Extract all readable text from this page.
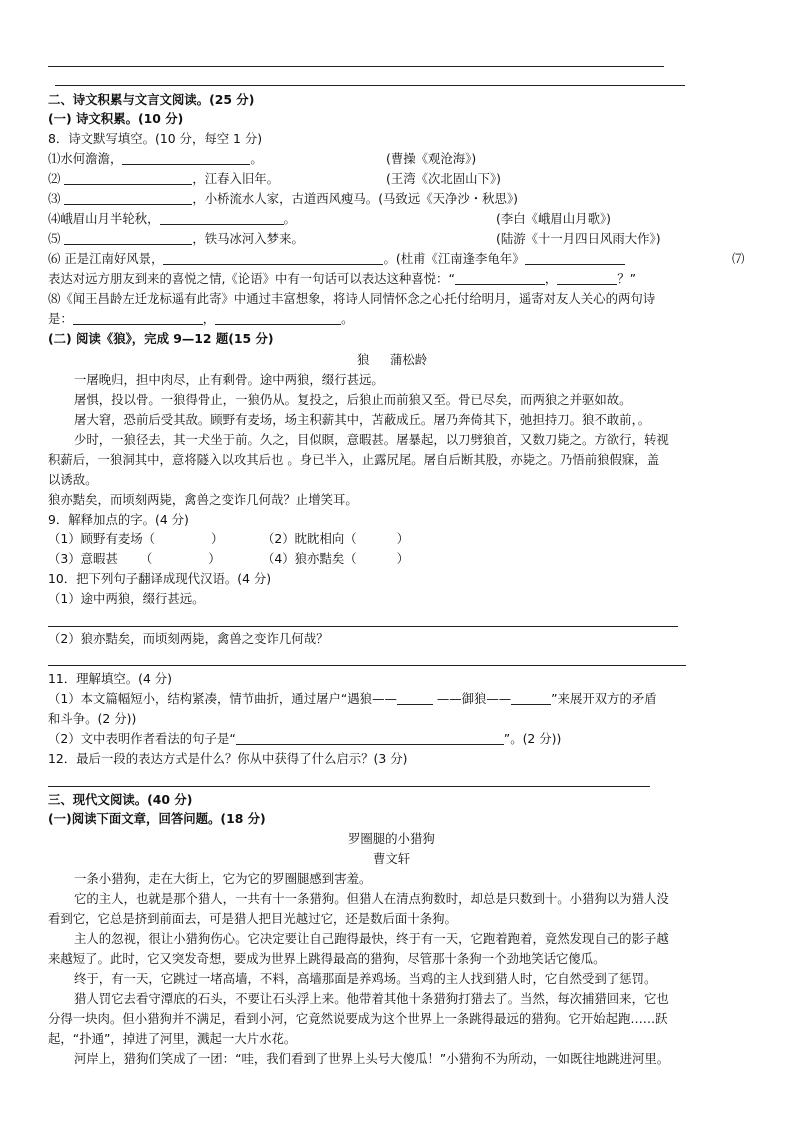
二、诗文积累与文言文阅读。(25 分)
(一) 诗文积累。(10 分)
8．诗文默写填空。(10 分，每空 1 分)
⑴水何澹澹，	。	(曹操《观沧海》)
⑵	，江春入旧年。	(王湾《次北固山下》)
⑶	，小桥流水人家，古道西风瘦马。(马致远《天净沙・秋思》)
⑷峨眉山月半轮秋，	。	(李白《峨眉山月歌》)
⑸	，铁马冰河入梦来。	(陆游《十一月四日风雨大作》)
⑹ 正是江南好风景，	。(杜甫《江南逢李龟年》	⑺
表达对远方朋友到来的喜悦之情,《论语》中有一句话可以表达这种喜悦：“	，	？”
⑻《闻王昌龄左迁龙标遥有此寄》中通过丰富想象，将诗人同情怀念之心托付给明月，遥寄对友人关心的两句诗
是：	，	。
(二) 阅读《狼》，完成 9—12 题(15 分)
狼 蒲松龄
一屠晚归，担中肉尽，止有剩骨。途中两狼，缀行甚远。
屠惧，投以骨。一狼得骨止，一狼仍从。复投之，后狼止而前狼又至。骨已尽矣，而两狼之并驱如故。
屠大窘，恐前后受其敌。顾野有麦场，场主积薪其中，苫蔽成丘。屠乃奔倚其下，弛担持刀。狼不敢前，。
少时，一狼径去，其一犬坐于前。久之，目似瞑，意暇甚。屠暴起，以刀劈狼首，又数刀毙之。方欲行，转视
积薪后，一狼洞其中，意将隧入以攻其后也 。身已半入，止露尻尾。屠自后断其股，亦毙之。乃悟前狼假寐，盖
以诱敌。
狼亦黠矣，而顷刻两毙，禽兽之变诈几何哉？止增笑耳。
9．解释加点的字。(4 分)
（1）顾野有麦场（	）	（2）眈眈相向（	）
（3）意暇甚 （	）	（4）狼亦黠矣（	）
10．把下列句子翻译成现代汉语。(4 分)
（1）途中两狼，缀行甚远。
（2）狼亦黠矣，而顷刻两毙，禽兽之变诈几何哉？
11．理解填空。(4 分)
（1）本文篇幅短小，结构紧凑，情节曲折，通过屠户“遇狼——	——御狼——	”来展开双方的矛盾
和斗争。(2 分))
（2）文中表明作者看法的句子是“	”。(2 分))
12．最后一段的表达方式是什么？你从中获得了什么启示？(3 分)
三、现代文阅读。(40 分)
(一)阅读下面文章，回答问题。(18 分)
罗圈腿的小猎狗
曹文轩
一条小猎狗，走在大街上，它为它的罗圈腿感到害羞。
它的主人，也就是那个猎人，一共有十一条猎狗。但猎人在清点狗数时，却总是只数到十。小猎狗以为猎人没
看到它，它总是挤到前面去，可是猎人把目光越过它，还是数后面十条狗。
主人的忽视，很让小猎狗伤心。它决定要让自己跑得最快，终于有一天，它跑着跑着，竟然发现自己的影子越
来越短了。此时，它又突发奇想，要成为世界上跳得最高的猎狗，尽管那十条狗一个劲地笑话它傻瓜。
终于，有一天，它跳过一堵高墙，不料，高墙那面是养鸡场。当鸡的主人找到猎人时，它自然受到了惩罚。
猎人罚它去看守潭底的石头，不要让石头浮上来。他带着其他十条猎狗打猎去了。当然，每次捕猎回来，它也
分得一块肉。但小猎狗并不满足，看到小河，它竟然说要成为这个世界上一条跳得最远的猎狗。它开始起跑……跃
起，“扑通”，掉进了河里，溅起一大片水花。
河岸上，猎狗们笑成了一团：“哇，我们看到了世界上头号大傻瓜！”小猎狗不为所动，一如既往地跳进河里。
